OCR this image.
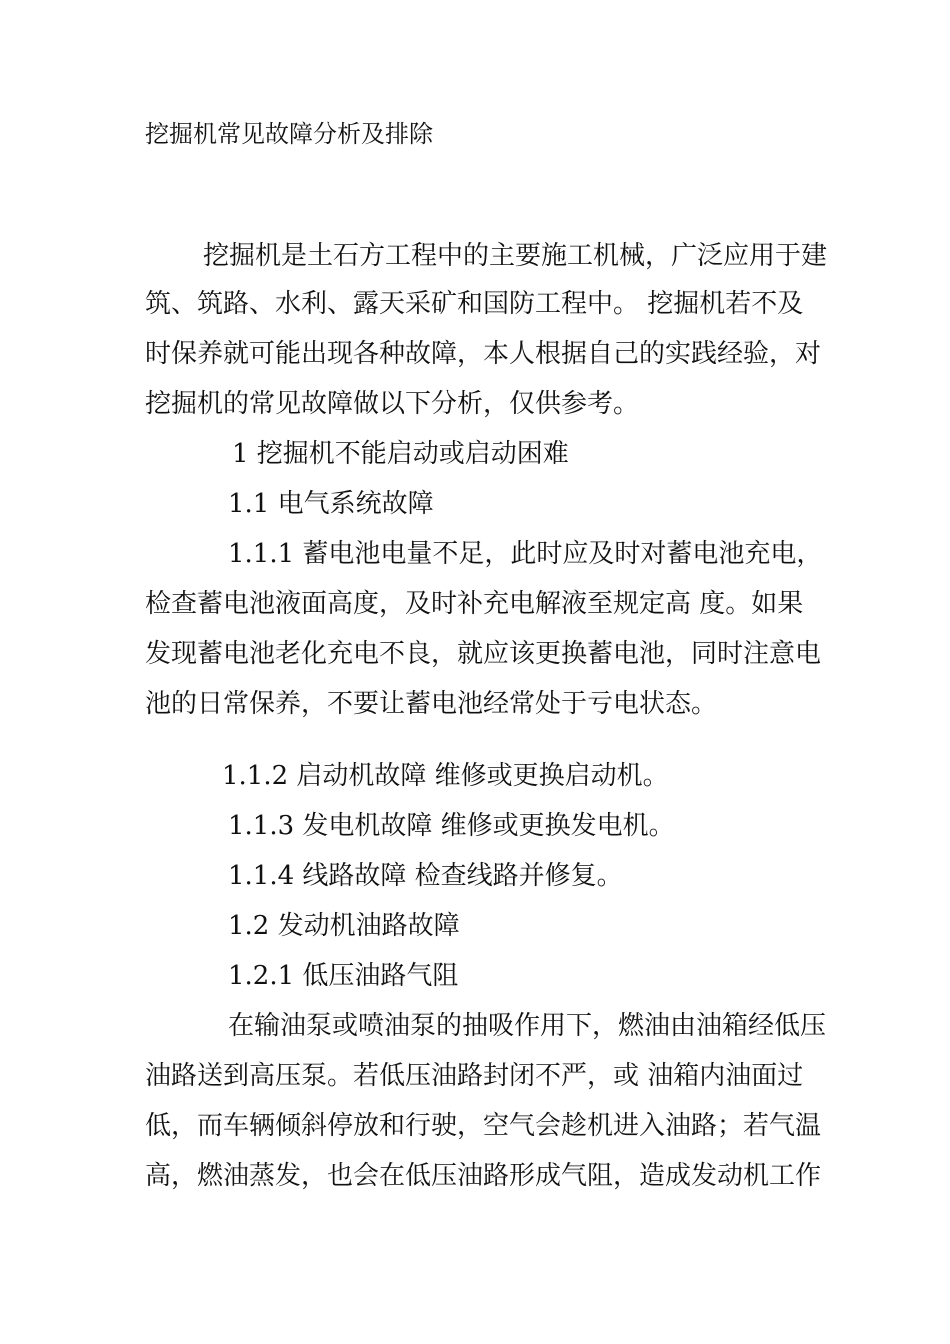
挖掘机常见故障分析及排除
挖掘机是土石方工程中的主要施工机械，广泛应用于建
筑、筑路、水利、露天采矿和国防工程中。 挖掘机若不及
时保养就可能出现各种故障，本人根据自己的实践经验，对
挖掘机的常见故障做以下分析，仅供参考。
1 挖掘机不能启动或启动困难
1.1 电气系统故障
1.1.1 蓄电池电量不足，此时应及时对蓄电池充电，
检查蓄电池液面高度，及时补充电解液至规定高 度。如果
发现蓄电池老化充电不良，就应该更换蓄电池，同时注意电
池的日常保养，不要让蓄电池经常处于亏电状态。
1.1.2 启动机故障 维修或更换启动机。
1.1.3 发电机故障 维修或更换发电机。
1.1.4 线路故障 检查线路并修复。
1.2 发动机油路故障
1.2.1 低压油路气阻
在输油泵或喷油泵的抽吸作用下，燃油由油箱经低压
油路送到高压泵。若低压油路封闭不严，或 油箱内油面过
低，而车辆倾斜停放和行驶，空气会趁机进入油路；若气温
高，燃油蒸发，也会在低压油路形成气阻，造成发动机工作
